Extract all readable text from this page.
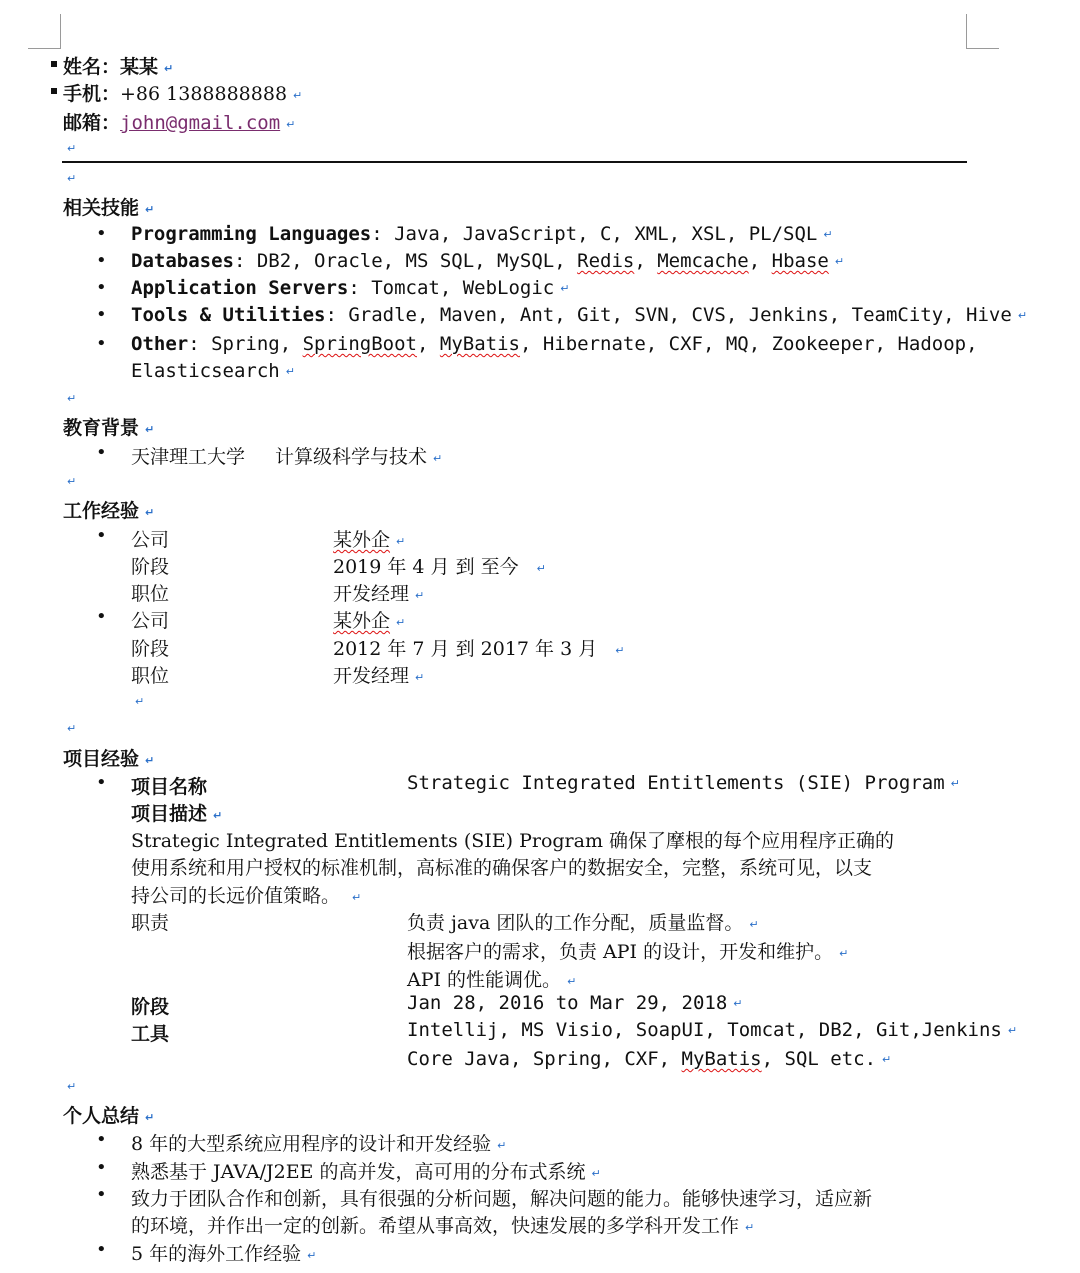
姓名：某某 ↵
手机：+86 1388888888 ↵
邮箱：john@gmail.com ↵
↵
↵
相关技能 ↵
• Programming Languages: Java, JavaScript, C, XML, XSL, PL/SQL ↵
• Databases: DB2, Oracle, MS SQL, MySQL, Redis, Memcache, Hbase ↵
• Application Servers: Tomcat, WebLogic ↵
• Tools & Utilities: Gradle, Maven, Ant, Git, SVN, CVS, Jenkins, TeamCity, Hive ↵
• Other: Spring, SpringBoot, MyBatis, Hibernate, CXF, MQ, Zookeeper, Hadoop,
Elasticsearch ↵
↵
教育背景 ↵
• 天津理工大学 计算级科学与技术 ↵
↵
工作经验 ↵
• 公司	某外企 ↵
阶段	2019 年 4 月 到 至今 ↵
职位	开发经理 ↵
• 公司	某外企 ↵
阶段	2012 年 7 月 到 2017 年 3 月 ↵
职位	开发经理 ↵
↵
↵
项目经验 ↵
• 项目名称	Strategic Integrated Entitlements (SIE) Program ↵
项目描述 ↵
Strategic Integrated Entitlements (SIE) Program 确保了摩根的每个应用程序正确的
使用系统和用户授权的标准机制，高标准的确保客户的数据安全，完整，系统可见，以支
持公司的长远价值策略。 ↵
职责	负责 java 团队的工作分配，质量监督。 ↵
根据客户的需求，负责 API 的设计，开发和维护。 ↵
API 的性能调优。 ↵
阶段	Jan 28, 2016 to Mar 29, 2018 ↵
工具	Intellij, MS Visio, SoapUI, Tomcat, DB2, Git,Jenkins ↵
Core Java, Spring, CXF, MyBatis, SQL etc. ↵
↵
个人总结 ↵
• 8 年的大型系统应用程序的设计和开发经验 ↵
• 熟悉基于 JAVA/J2EE 的高并发，高可用的分布式系统 ↵
• 致力于团队合作和创新，具有很强的分析问题，解决问题的能力。能够快速学习，适应新
的环境，并作出一定的创新。希望从事高效，快速发展的多学科开发工作 ↵
• 5 年的海外工作经验 ↵
